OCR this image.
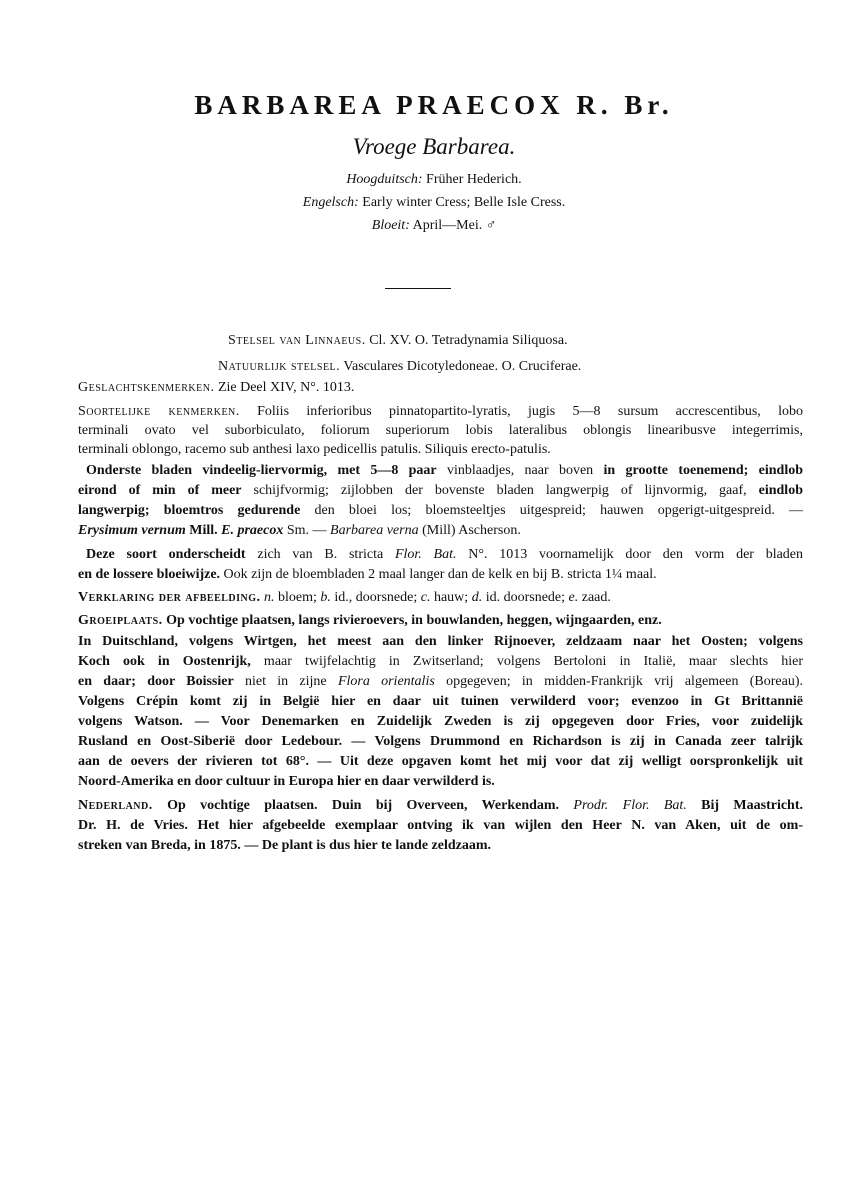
BARBAREA PRAECOX R. Br.
Vroege Barbarea.
Hoogduitsch: Früher Hederich.
Engelsch: Early winter Cress; Belle Isle Cress.
Bloeit: April—Mei. ♂
Stelsel van Linnaeus. Cl. XV. O. Tetradynamia Siliquosa.
Natuurlijk stelsel. Vasculares Dicotyledoneae. O. Cruciferae.
Geslachtskenmerken. Zie Deel XIV, N°. 1013.
Soortelijke kenmerken. Foliis inferioribus pinnatopartito-lyratis, jugis 5—8 sursum accrescentibus, lobo
terminali ovato vel suborbiculato, foliorum superiorum lobis lateralibus oblongis linearibusve integerrimis,
terminali oblongo, racemo sub anthesi laxo pedicellis patulis. Siliquis erecto-patulis.
Onderste bladen vindeelig-liervormig, met 5—8 paar vinblaadjes, naar boven in grootte toenemend; eindlob
eirond of min of meer schijfvormig; zijlobben der bovenste bladen langwerpig of lijnvormig, gaaf, eindlob
langwerpig; bloemtros gedurende den bloei los; bloemsteeltjes uitgespreid; hauwen opgerigt-uitgespreid. —
Erysimum vernum Mill. E. praecox Sm. — Barbarea verna (Mill) Ascherson.
Deze soort onderscheidt zich van B. stricta Flor. Bat. N°. 1013 voornamelijk door den vorm der bladen
en de lossere bloeiwijze. Ook zijn de bloembladen 2 maal langer dan de kelk en bij B. stricta 1¼ maal.
Verklaring der afbeelding. n. bloem; b. id., doorsnede; c. hauw; d. id. doorsnede; e. zaad.
Groeiplaats. Op vochtige plaatsen, langs rivieroevers, in bouwlanden, heggen, wijngaarden, enz.
In Duitschland, volgens Wirtgen, het meest aan den linker Rijnoever, zeldzaam naar het Oosten; volgens
Koch ook in Oostenrijk, maar twijfelachtig in Zwitserland; volgens Bertoloni in Italië, maar slechts hier
en daar; door Boissier niet in zijne Flora orientalis opgegeven; in midden-Frankrijk vrij algemeen (Boreau).
Volgens Crépin komt zij in België hier en daar uit tuinen verwilderd voor; evenzoo in Gt Brittannië
volgens Watson. — Voor Denemarken en Zuidelijk Zweden is zij opgegeven door Fries, voor zuidelijk
Rusland en Oost-Siberië door Ledebour. — Volgens Drummond en Richardson is zij in Canada zeer talrijk
aan de oevers der rivieren tot 68°. — Uit deze opgaven komt het mij voor dat zij welligt oorspronkelijk uit
Noord-Amerika en door cultuur in Europa hier en daar verwilderd is.
Nederland. Op vochtige plaatsen. Duin bij Overveen, Werkendam. Prodr. Flor. Bat. Bij Maastricht.
Dr. H. de Vries. Het hier afgebeelde exemplaar ontving ik van wijlen den Heer N. van Aken, uit de om-
streken van Breda, in 1875. — De plant is dus hier te lande zeldzaam.
